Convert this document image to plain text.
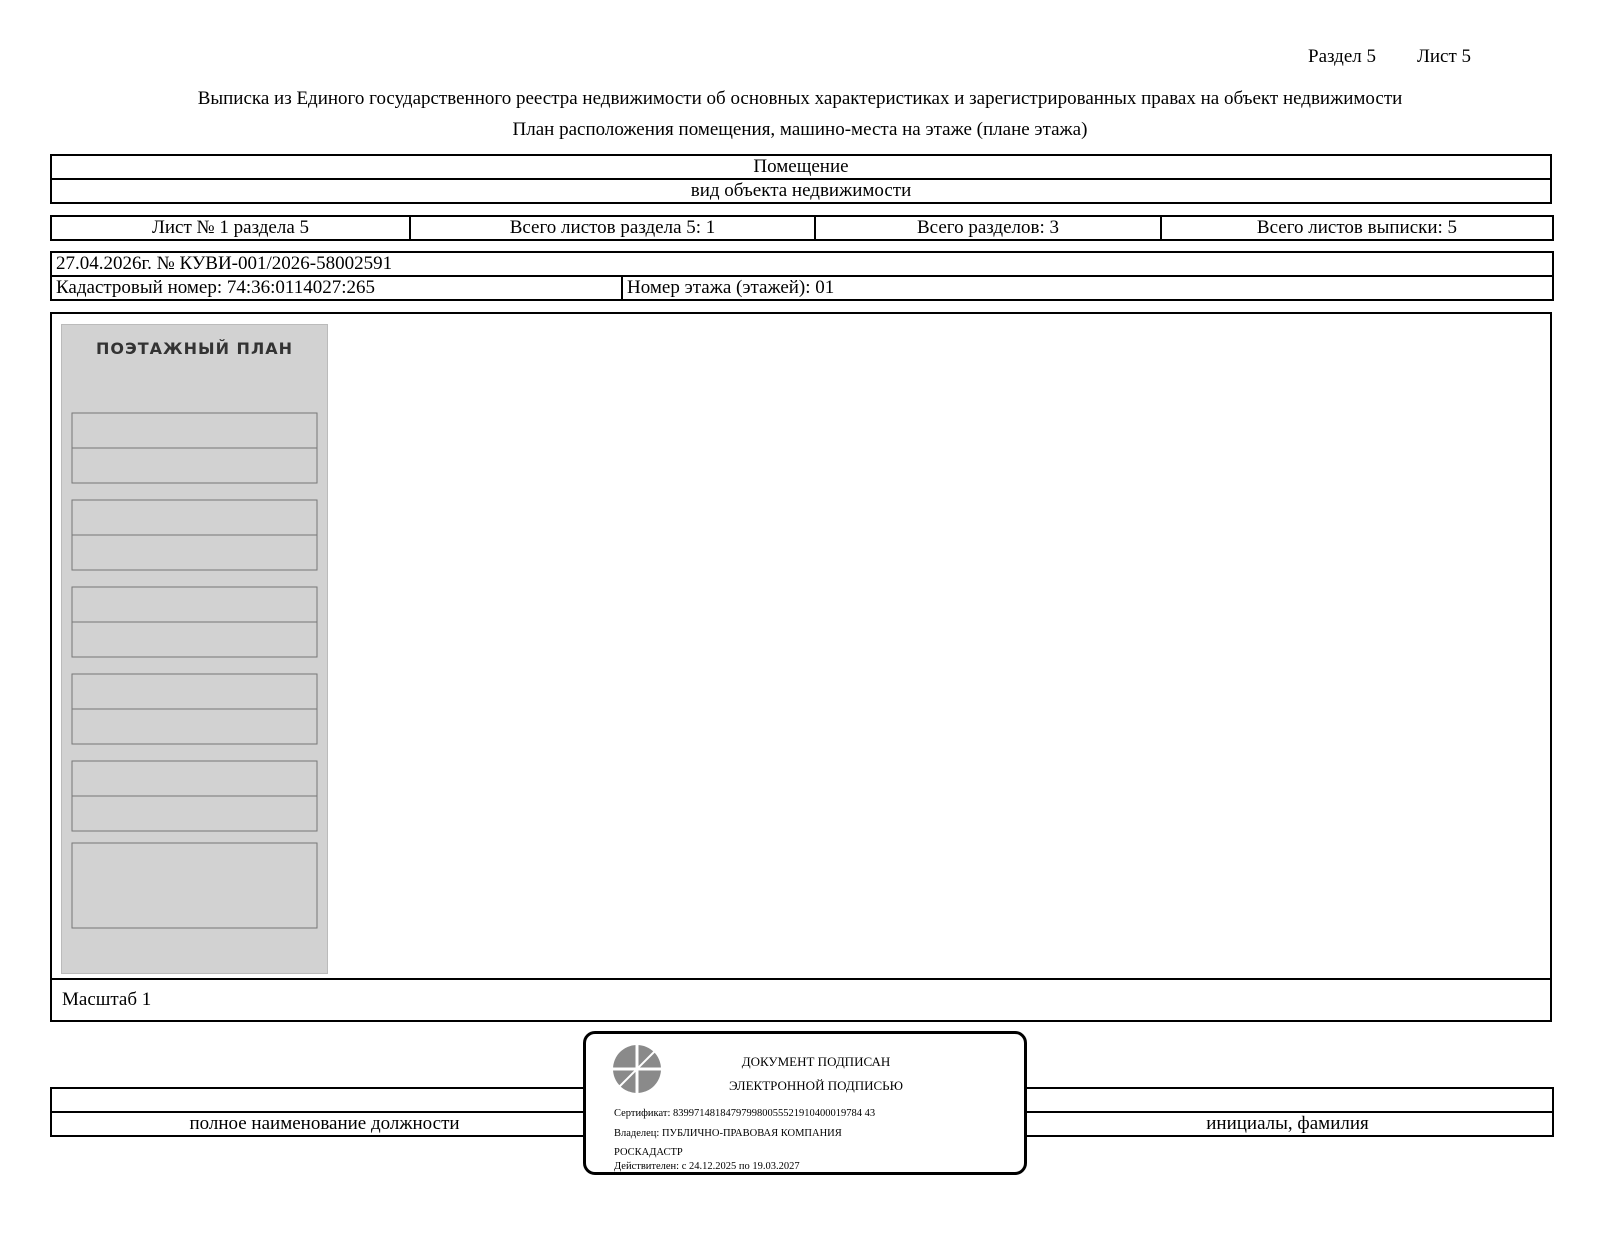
Раздел 5 Лист 5
Выписка из Единого государственного реестра недвижимости об основных характеристиках и зарегистрированных правах на объект недвижимости
План расположения помещения, машино-места на этаже (плане этажа)
Помещение
вид объекта недвижимости
Лист № 1 раздела 5	Всего листов раздела 5: 1	Всего разделов: 3	Всего листов выписки: 5
27.04.2026г. № КУВИ-001/2026-58002591
Кадастровый номер: 74:36:0114027:265	Номер этажа (этажей): 01
ПОЭТАЖНЫЙ ПЛАН
Масштаб 1

полное наименование должности		инициалы, фамилия
ДОКУМЕНТ ПОДПИСАН
ЭЛЕКТРОННОЙ ПОДПИСЬЮ
Сертификат: 839971481847979980055521910400019784 43
Владелец: ПУБЛИЧНО-ПРАВОВАЯ КОМПАНИЯ
РОСКАДАСТР
Действителен: с 24.12.2025 по 19.03.2027
